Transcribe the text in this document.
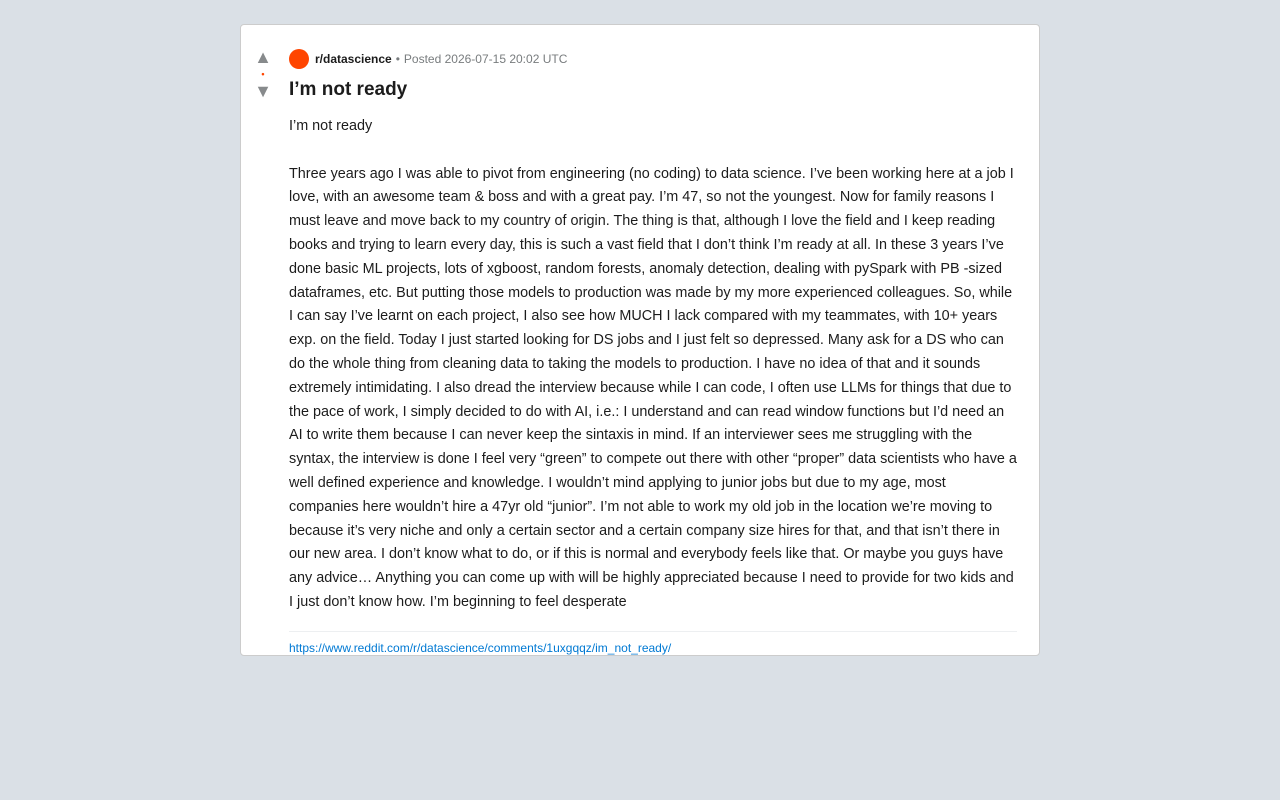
▲
•
▼
r/datascience • Posted 2026-07-15 20:02 UTC
I’m not ready
I’m not ready

Three years ago I was able to pivot from engineering (no coding) to data science. I’ve been working here at a job I love, with an awesome team & boss and with a great pay. I’m 47, so not the youngest. Now for family reasons I must leave and move back to my country of origin. The thing is that, although I love the field and I keep reading books and trying to learn every day, this is such a vast field that I don’t think I’m ready at all. In these 3 years I’ve done basic ML projects, lots of xgboost, random forests, anomaly detection, dealing with pySpark with PB -sized dataframes, etc. But putting those models to production was made by my more experienced colleagues. So, while I can say I’ve learnt on each project, I also see how MUCH I lack compared with my teammates, with 10+ years exp. on the field. Today I just started looking for DS jobs and I just felt so depressed. Many ask for a DS who can do the whole thing from cleaning data to taking the models to production. I have no idea of that and it sounds extremely intimidating. I also dread the interview because while I can code, I often use LLMs for things that due to the pace of work, I simply decided to do with AI, i.e.: I understand and can read window functions but I’d need an AI to write them because I can never keep the sintaxis in mind. If an interviewer sees me struggling with the syntax, the interview is done I feel very “green” to compete out there with other “proper” data scientists who have a well defined experience and knowledge. I wouldn’t mind applying to junior jobs but due to my age, most companies here wouldn’t hire a 47yr old “junior”. I’m not able to work my old job in the location we’re moving to because it’s very niche and only a certain sector and a certain company size hires for that, and that isn’t there in our new area. I don’t know what to do, or if this is normal and everybody feels like that. Or maybe you guys have any advice… Anything you can come up with will be highly appreciated because I need to provide for two kids and I just don’t know how. I’m beginning to feel desperate
https://www.reddit.com/r/datascience/comments/1uxgqqz/im_not_ready/
